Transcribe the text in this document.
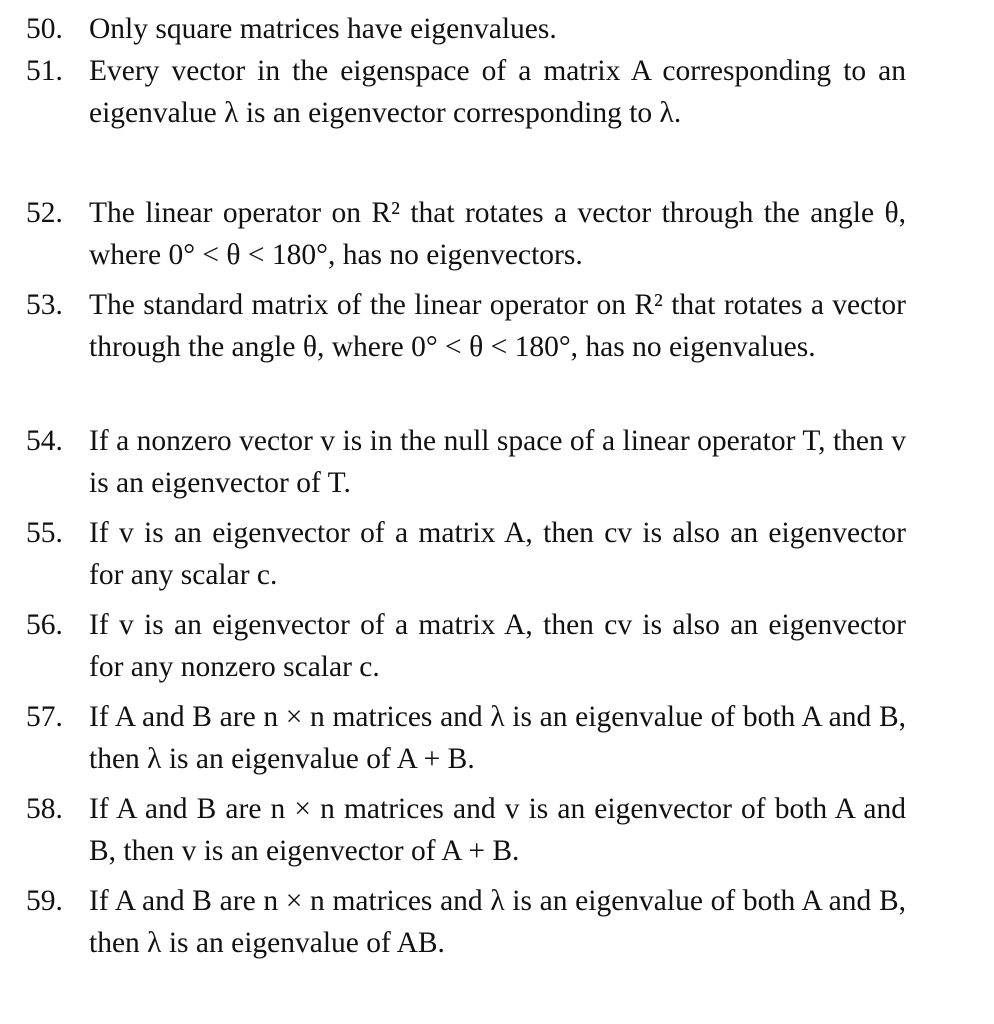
50. Only square matrices have eigenvalues.
51. Every vector in the eigenspace of a matrix A corresponding to an eigenvalue λ is an eigenvector corresponding to λ.
52. The linear operator on R² that rotates a vector through the angle θ, where 0° < θ < 180°, has no eigenvectors.
53. The standard matrix of the linear operator on R² that rotates a vector through the angle θ, where 0° < θ < 180°, has no eigenvalues.
54. If a nonzero vector v is in the null space of a linear operator T, then v is an eigenvector of T.
55. If v is an eigenvector of a matrix A, then cv is also an eigenvector for any scalar c.
56. If v is an eigenvector of a matrix A, then cv is also an eigenvector for any nonzero scalar c.
57. If A and B are n × n matrices and λ is an eigenvalue of both A and B, then λ is an eigenvalue of A + B.
58. If A and B are n × n matrices and v is an eigenvector of both A and B, then v is an eigenvector of A + B.
59. If A and B are n × n matrices and λ is an eigenvalue of both A and B, then λ is an eigenvalue of AB.
